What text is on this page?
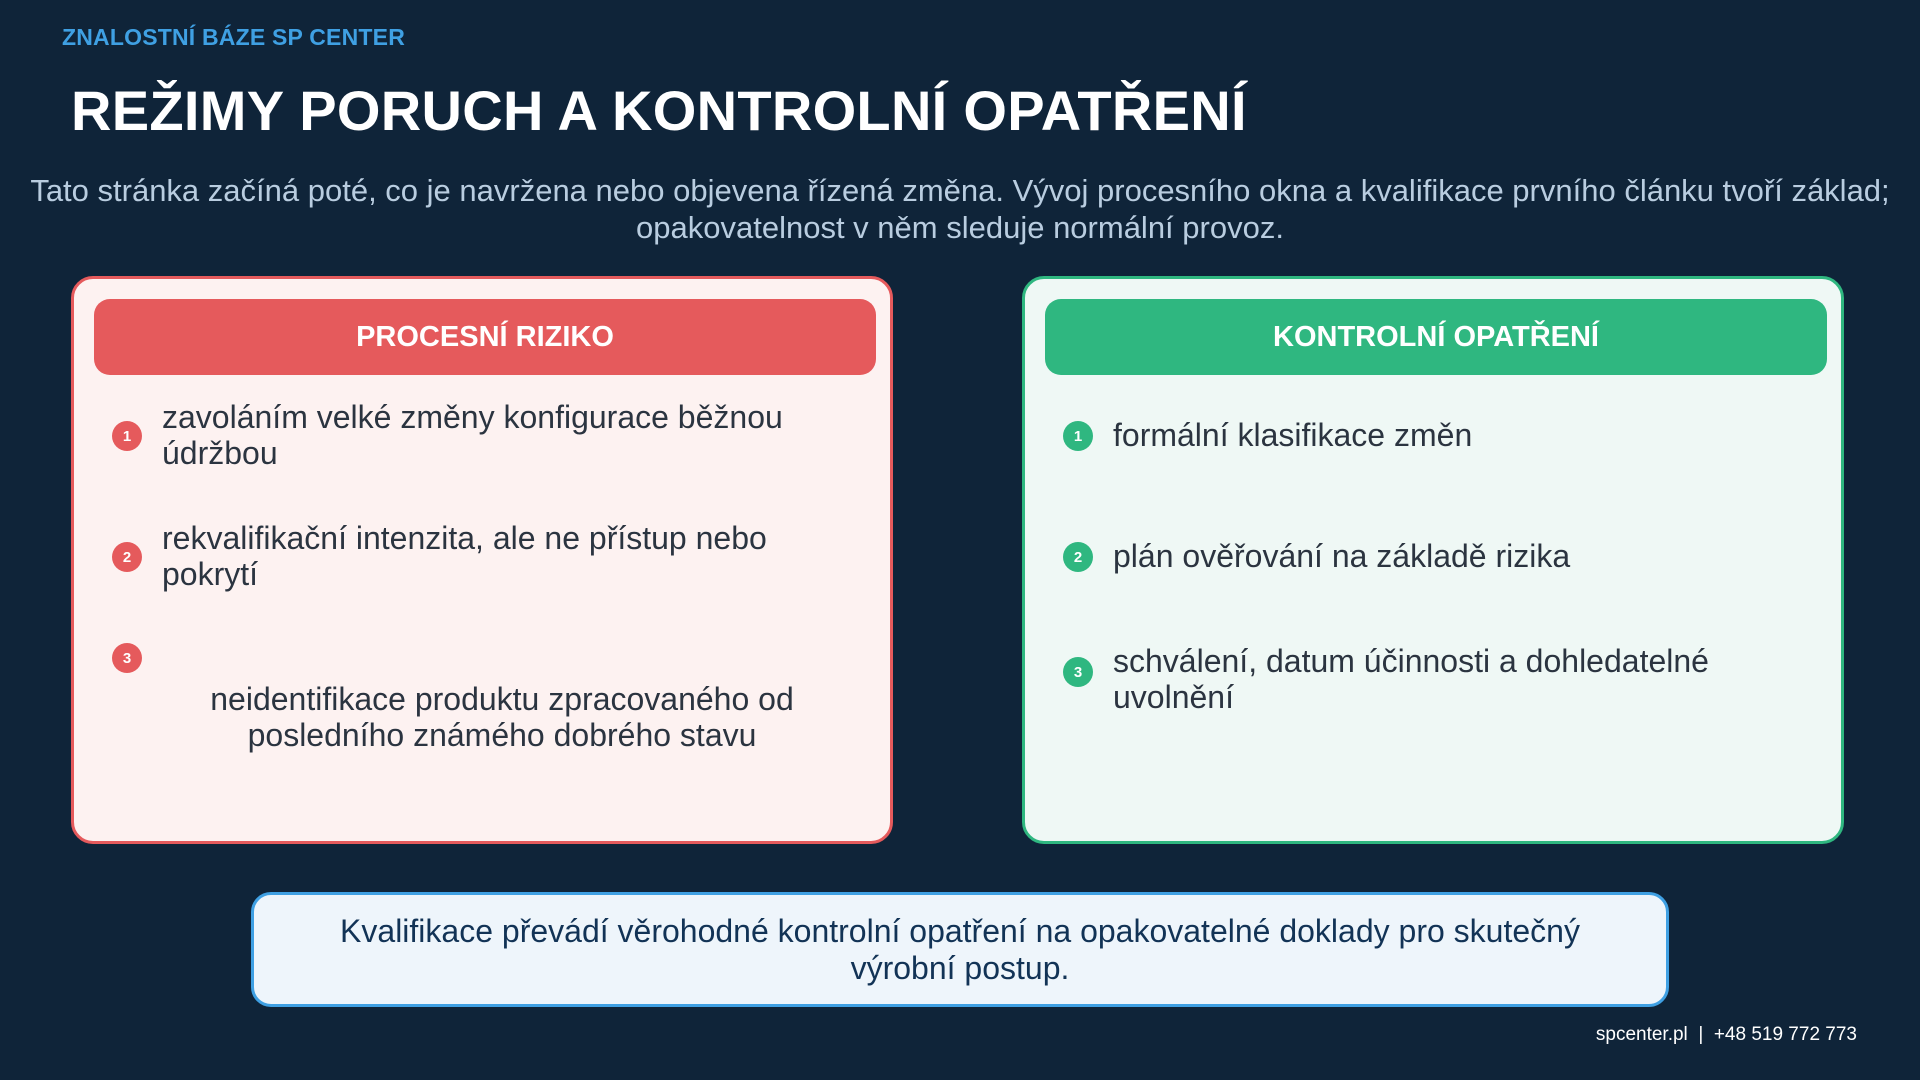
ZNALOSTNÍ BÁZE SP CENTER
REŽIMY PORUCH A KONTROLNÍ OPATŘENÍ
Tato stránka začíná poté, co je navržena nebo objevena řízená změna. Vývoj procesního okna a kvalifikace prvního článku tvoří základ; opakovatelnost v něm sleduje normální provoz.
PROCESNÍ RIZIKO
1
zavoláním velké změny konfigurace běžnou údržbou
2
rekvalifikační intenzita, ale ne přístup nebo pokrytí
3
neidentifikace produktu zpracovaného od posledního známého dobrého stavu
KONTROLNÍ OPATŘENÍ
1 formální klasifikace změn
2 plán ověřování na základě rizika
3 schválení, datum účinnosti a dohledatelné uvolnění
Kvalifikace převádí věrohodné kontrolní opatření na opakovatelné doklady pro skutečný výrobní postup.
spcenter.pl  |  +48 519 772 773
